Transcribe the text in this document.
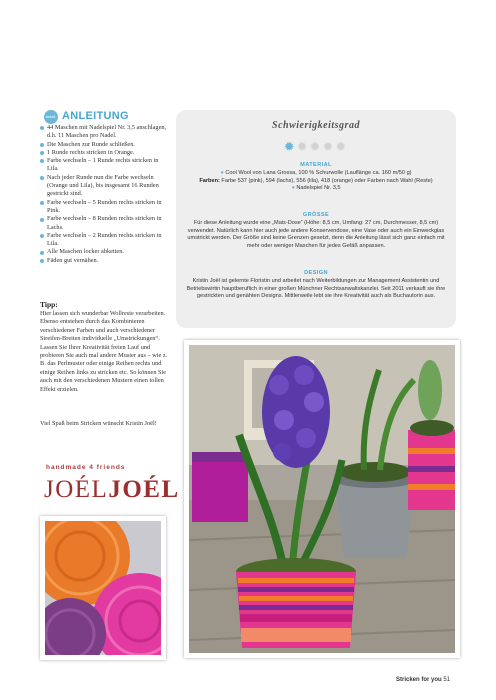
Anleit. ANLEITUNG
44 Maschen mit Nadelspiel Nr. 3,5 anschlagen, d.h. 11 Maschen pro Nadel.
Die Maschen zur Runde schließen.
1 Runde rechts stricken in Orange.
Farbe wechseln – 1 Runde rechts stricken in Lila.
Nach jeder Runde nun die Farbe wechseln (Orange und Lila), bis insgesamt 16 Runden gestrickt sind.
Farbe wechseln – 5 Runden rechts stricken in Pink.
Farbe wechseln – 8 Runden rechts stricken in Lachs.
Farbe wechseln – 2 Runden rechts stricken in Lila.
Alle Maschen locker abketten.
Fäden gut vernähen.
Tipp:

Hier lassen sich wunderbar Wollreste verarbeiten. Ebenso entstehen durch das Kombinieren verschiedener Farben und auch verschiedener Streifen-Breiten individuelle „Umstrickungen“. Lassen Sie Ihrer Kreativität freien Lauf und probieren Sie auch mal andere Muster aus – wie z. B. das Perlmuster oder einige Reihen rechts und einige Reihen links zu stricken etc. So können Sie auch mit den verschiedenen Mustern einen tollen Effekt erzielen.

Viel Spaß beim Stricken wünscht Kristin Joël!

handmade 4 friends
JOÉLJOÉL
Schwierigkeitsgrad
✹✹✹✹✹
MATERIAL

● Cool Wool von Lana Grossa, 100 % Schurwolle (Lauflänge ca. 160 m/50 g)
Farben: Farbe 537 (pink), 594 (lachs), 556 (lila), 418 (orange) oder Farben nach Wahl (Reste)
● Nadelspiel Nr. 3,5

GRÖSSE

Für diese Anleitung wurde eine „Mais-Dose“ (Höhe: 8,5 cm, Umfang: 27 cm, Durchmesser, 8,5 cm) verwendet. Natürlich kann hier auch jede andere Konservendose, eine Vase oder auch ein Einweckglas umstrickt werden. Der Größe sind keine Grenzen gesetzt, denn die Anleitung lässt sich ganz einfach mit mehr oder weniger Maschen für jedes Gefäß anpassen.

DESIGN

Kristin Joël ist gelernte Floristin und arbeitet nach Weiterbildungen zur Management Assistentin und Betriebswirtin hauptberuflich in einer großen Münchner Rechtsanwaltskanzlei. Seit 2011 verkauft sie ihre gestrickten und genähten Designs. Mittlerweile lebt sie ihre Kreativität auch als Buchautorin aus.

Stricken for you 51
